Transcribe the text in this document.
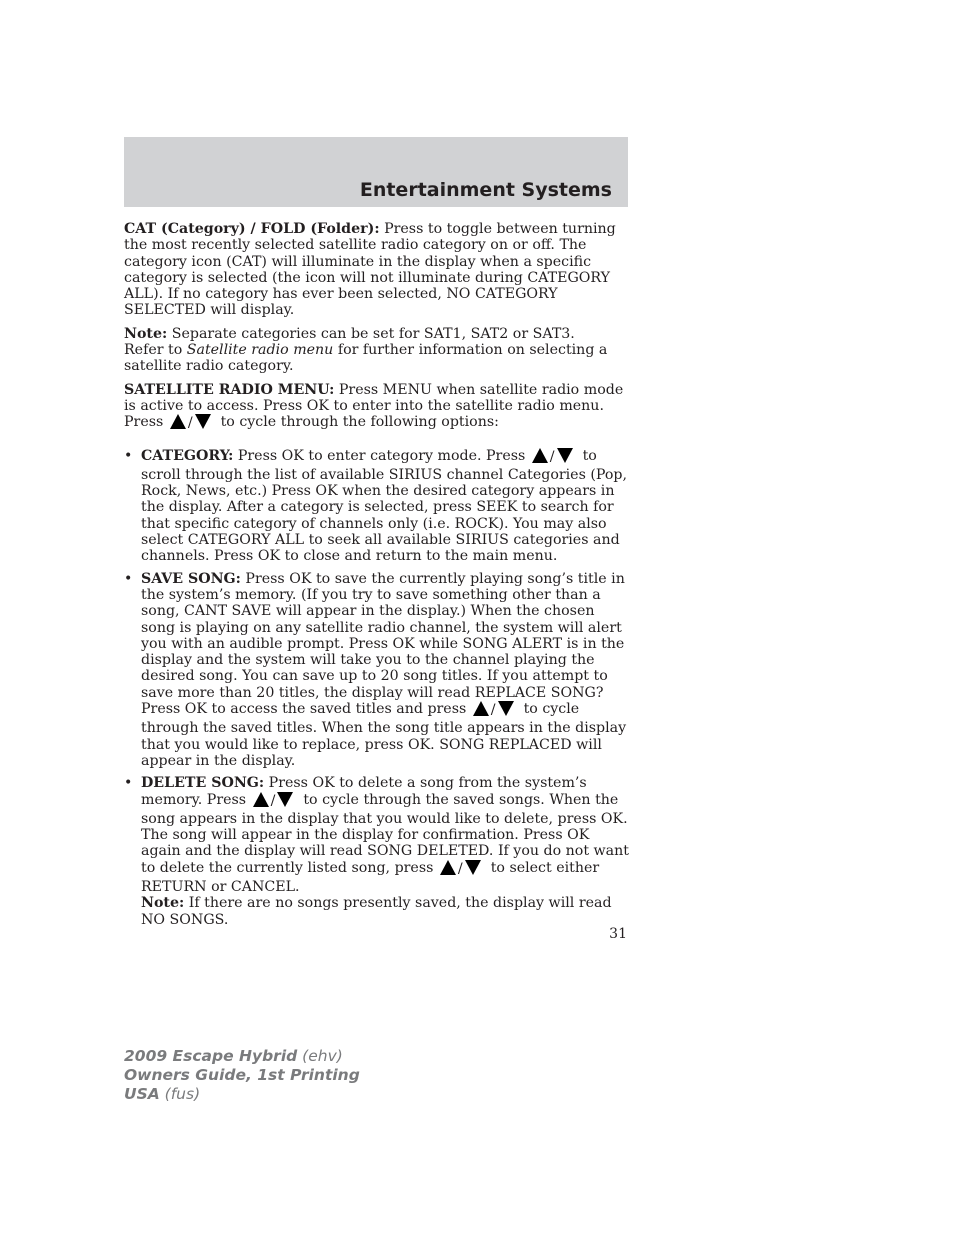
Entertainment Systems

CAT (Category) / FOLD (Folder): Press to toggle between turning the most recently selected satellite radio category on or off. The category icon (CAT) will illuminate in the display when a specific category is selected (the icon will not illuminate during CATEGORY ALL). If no category has ever been selected, NO CATEGORY SELECTED will display.

Note: Separate categories can be set for SAT1, SAT2 or SAT3.
Refer to Satellite radio menu for further information on selecting a satellite radio category.

SATELLITE RADIO MENU: Press MENU when satellite radio mode is active to access. Press OK to enter into the satellite radio menu.
Press / to cycle through the following options:

• CATEGORY: Press OK to enter category mode. Press / to scroll through the list of available SIRIUS channel Categories (Pop, Rock, News, etc.) Press OK when the desired category appears in the display. After a category is selected, press SEEK to search for that specific category of channels only (i.e. ROCK). You may also select CATEGORY ALL to seek all available SIRIUS categories and channels. Press OK to close and return to the main menu.
• SAVE SONG: Press OK to save the currently playing song’s title in the system’s memory. (If you try to save something other than a song, CANT SAVE will appear in the display.) When the chosen song is playing on any satellite radio channel, the system will alert you with an audible prompt. Press OK while SONG ALERT is in the display and the system will take you to the channel playing the desired song. You can save up to 20 song titles. If you attempt to save more than 20 titles, the display will read REPLACE SONG? Press OK to access the saved titles and press / to cycle through the saved titles. When the song title appears in the display that you would like to replace, press OK. SONG REPLACED will appear in the display.
• DELETE SONG: Press OK to delete a song from the system’s memory. Press / to cycle through the saved songs. When the song appears in the display that you would like to delete, press OK. The song will appear in the display for confirmation. Press OK again and the display will read SONG DELETED. If you do not want to delete the currently listed song, press / to select either RETURN or CANCEL.
Note: If there are no songs presently saved, the display will read NO SONGS.
31
2009 Escape Hybrid (ehv)
Owners Guide, 1st Printing
USA (fus)
